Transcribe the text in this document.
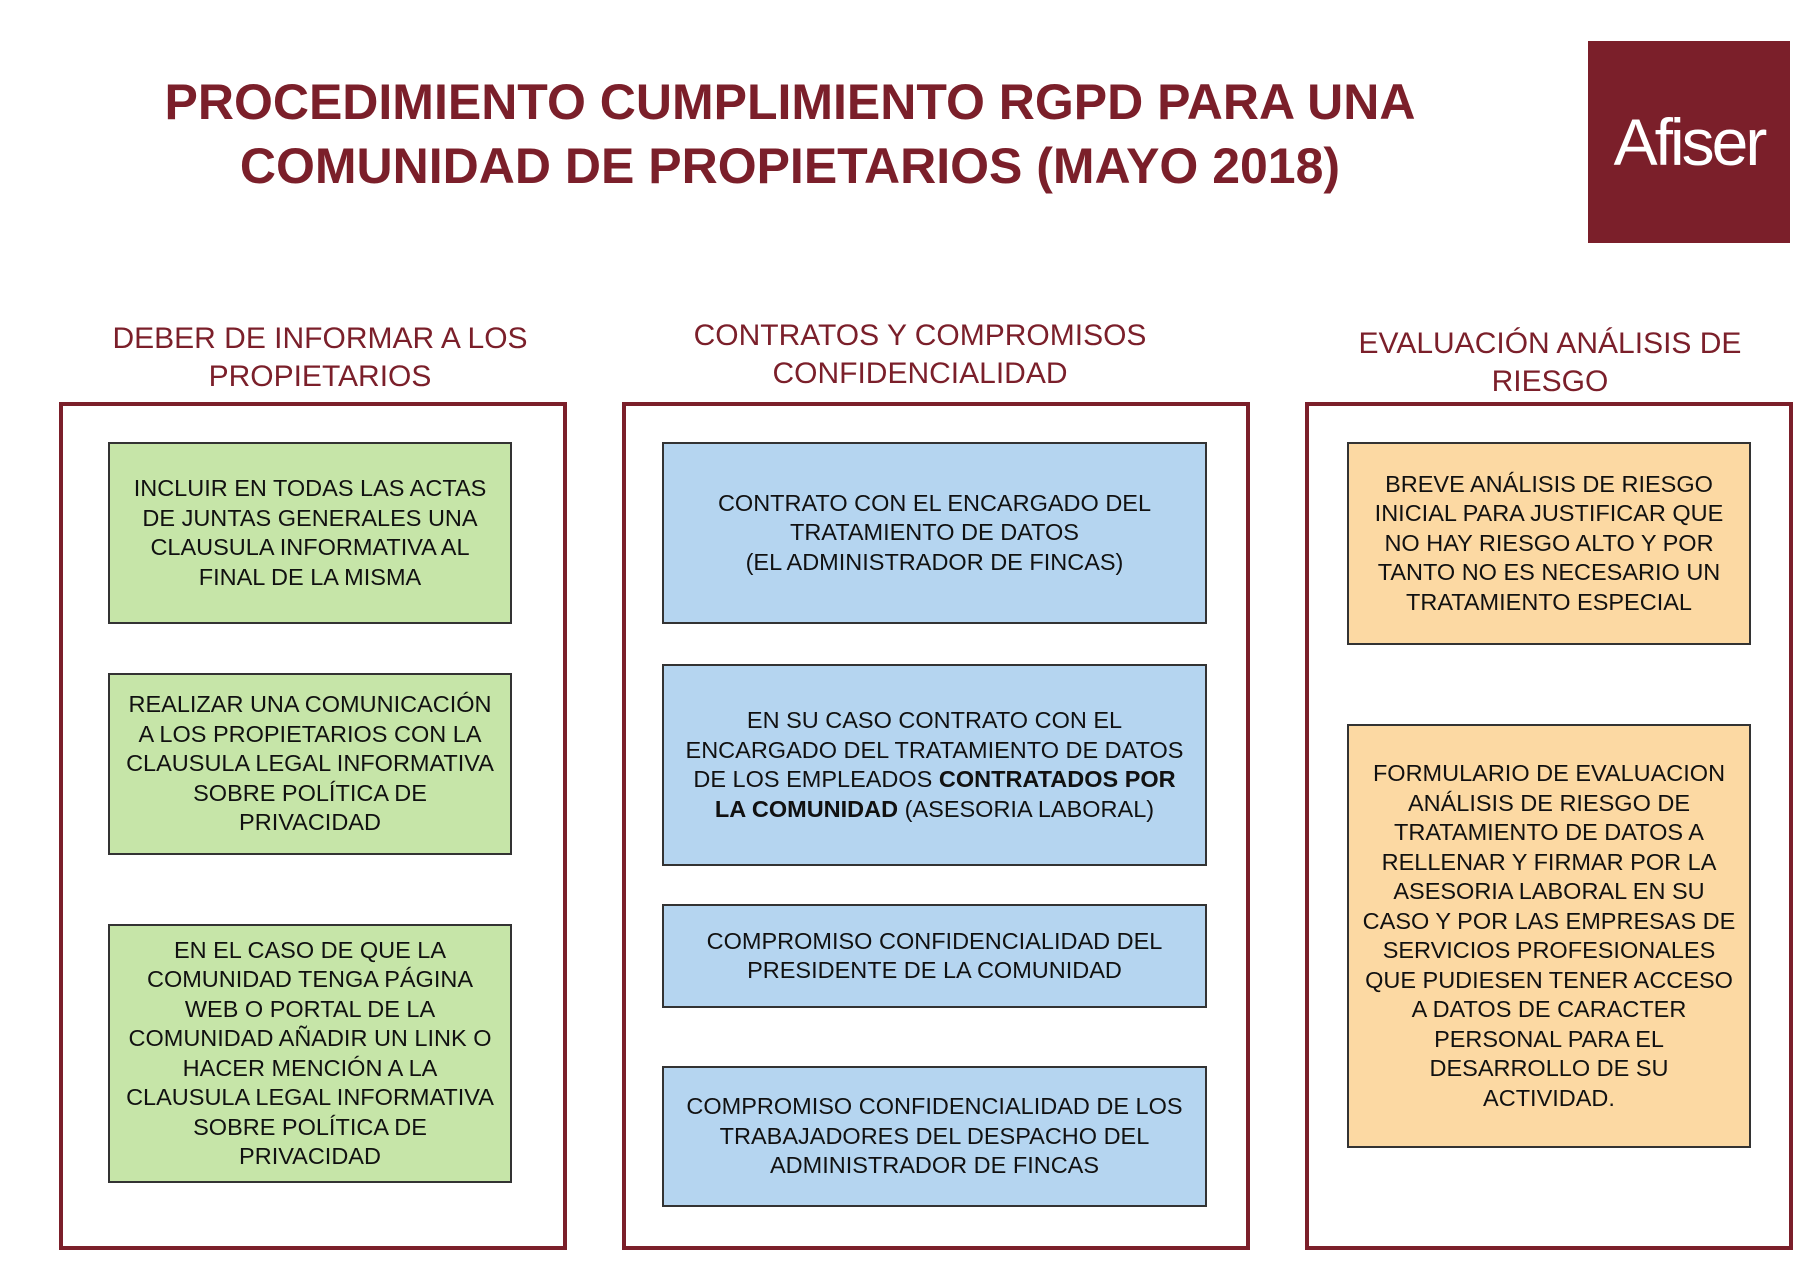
PROCEDIMIENTO CUMPLIMIENTO RGPD PARA UNA
COMUNIDAD DE PROPIETARIOS (MAYO 2018)	Afiser
DEBER DE INFORMAR A LOS
PROPIETARIOS
INCLUIR EN TODAS LAS ACTAS
DE JUNTAS GENERALES UNA
CLAUSULA INFORMATIVA AL
FINAL DE LA MISMA
REALIZAR UNA COMUNICACIÓN
A LOS PROPIETARIOS CON LA
CLAUSULA LEGAL INFORMATIVA
SOBRE POLÍTICA DE
PRIVACIDAD
EN EL CASO DE QUE LA
COMUNIDAD TENGA PÁGINA
WEB O PORTAL DE LA
COMUNIDAD AÑADIR UN LINK O
HACER MENCIÓN A LA
CLAUSULA LEGAL INFORMATIVA
SOBRE POLÍTICA DE
PRIVACIDAD
CONTRATOS Y COMPROMISOS
CONFIDENCIALIDAD
CONTRATO CON EL ENCARGADO DEL
TRATAMIENTO DE DATOS
(EL ADMINISTRADOR DE FINCAS)
EN SU CASO CONTRATO CON EL
ENCARGADO DEL TRATAMIENTO DE DATOS
DE LOS EMPLEADOS CONTRATADOS POR
LA COMUNIDAD (ASESORIA LABORAL)
COMPROMISO CONFIDENCIALIDAD DEL
PRESIDENTE DE LA COMUNIDAD
COMPROMISO CONFIDENCIALIDAD DE LOS
TRABAJADORES DEL DESPACHO DEL
ADMINISTRADOR DE FINCAS
EVALUACIÓN ANÁLISIS DE
RIESGO
BREVE ANÁLISIS DE RIESGO
INICIAL PARA JUSTIFICAR QUE
NO HAY RIESGO ALTO Y POR
TANTO NO ES NECESARIO UN
TRATAMIENTO ESPECIAL
FORMULARIO DE EVALUACION
ANÁLISIS DE RIESGO DE
TRATAMIENTO DE DATOS A
RELLENAR Y FIRMAR POR LA
ASESORIA LABORAL EN SU
CASO Y POR LAS EMPRESAS DE
SERVICIOS PROFESIONALES
QUE PUDIESEN TENER ACCESO
A DATOS DE CARACTER
PERSONAL PARA EL
DESARROLLO DE SU
ACTIVIDAD.
